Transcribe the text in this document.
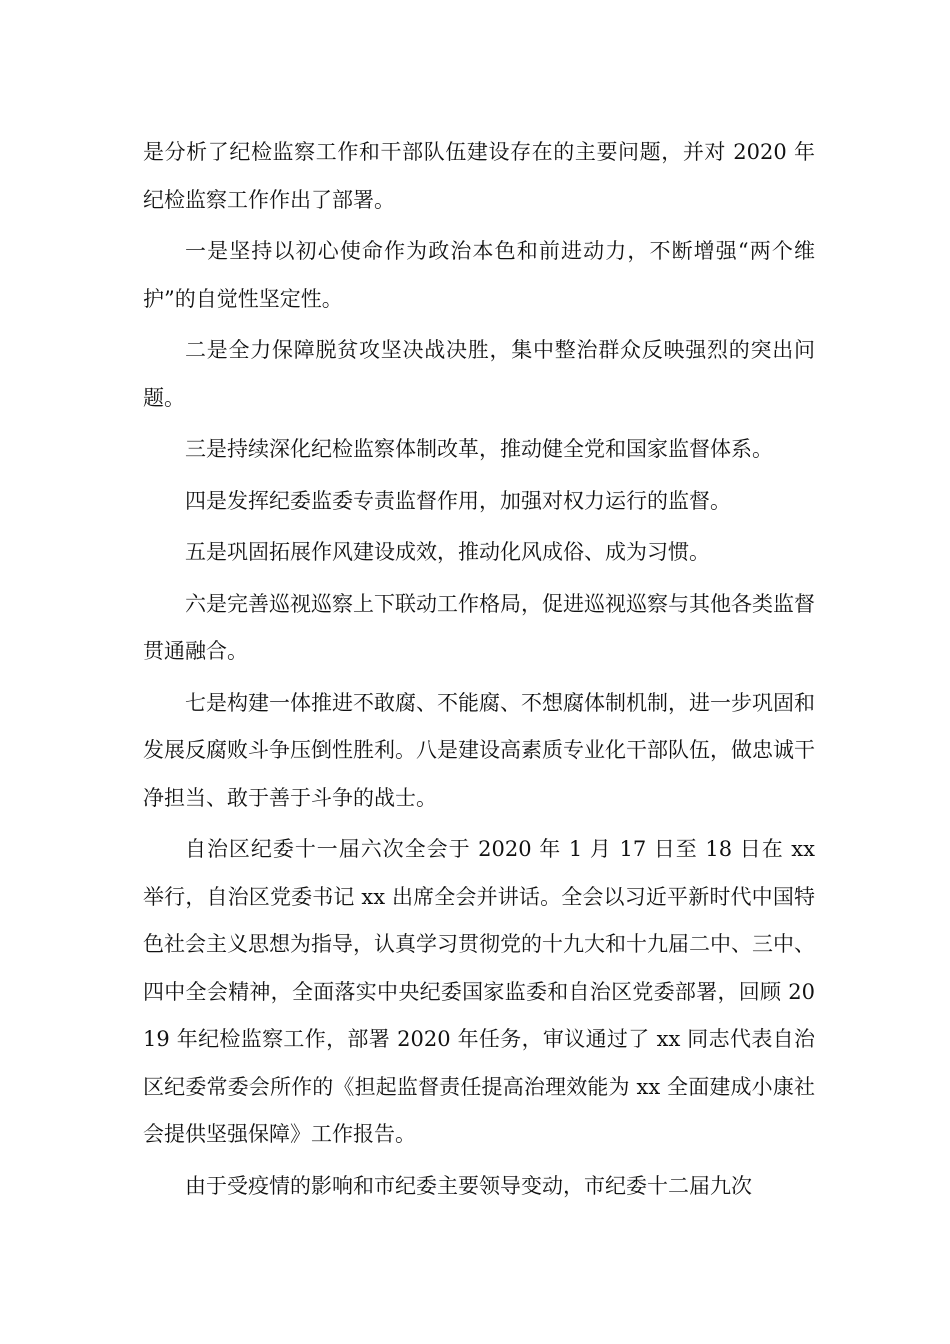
是分析了纪检监察工作和干部队伍建设存在的主要问题，并对 2020 年纪检监察工作作出了部署。

一是坚持以初心使命作为政治本色和前进动力，不断增强“两个维护”的自觉性坚定性。

二是全力保障脱贫攻坚决战决胜，集中整治群众反映强烈的突出问题。

三是持续深化纪检监察体制改革，推动健全党和国家监督体系。

四是发挥纪委监委专责监督作用，加强对权力运行的监督。

五是巩固拓展作风建设成效，推动化风成俗、成为习惯。

六是完善巡视巡察上下联动工作格局，促进巡视巡察与其他各类监督贯通融合。

七是构建一体推进不敢腐、不能腐、不想腐体制机制，进一步巩固和发展反腐败斗争压倒性胜利。八是建设高素质专业化干部队伍，做忠诚干净担当、敢于善于斗争的战士。

自治区纪委十一届六次全会于 2020 年 1 月 17 日至 18 日在 xx 举行，自治区党委书记 xx 出席全会并讲话。全会以习近平新时代中国特色社会主义思想为指导，认真学习贯彻党的十九大和十九届二中、三中、四中全会精神，全面落实中央纪委国家监委和自治区党委部署，回顾 2019 年纪检监察工作，部署 2020 年任务，审议通过了 xx 同志代表自治区纪委常委会所作的《担起监督责任提高治理效能为 xx 全面建成小康社会提供坚强保障》工作报告。

由于受疫情的影响和市纪委主要领导变动，市纪委十二届九次
